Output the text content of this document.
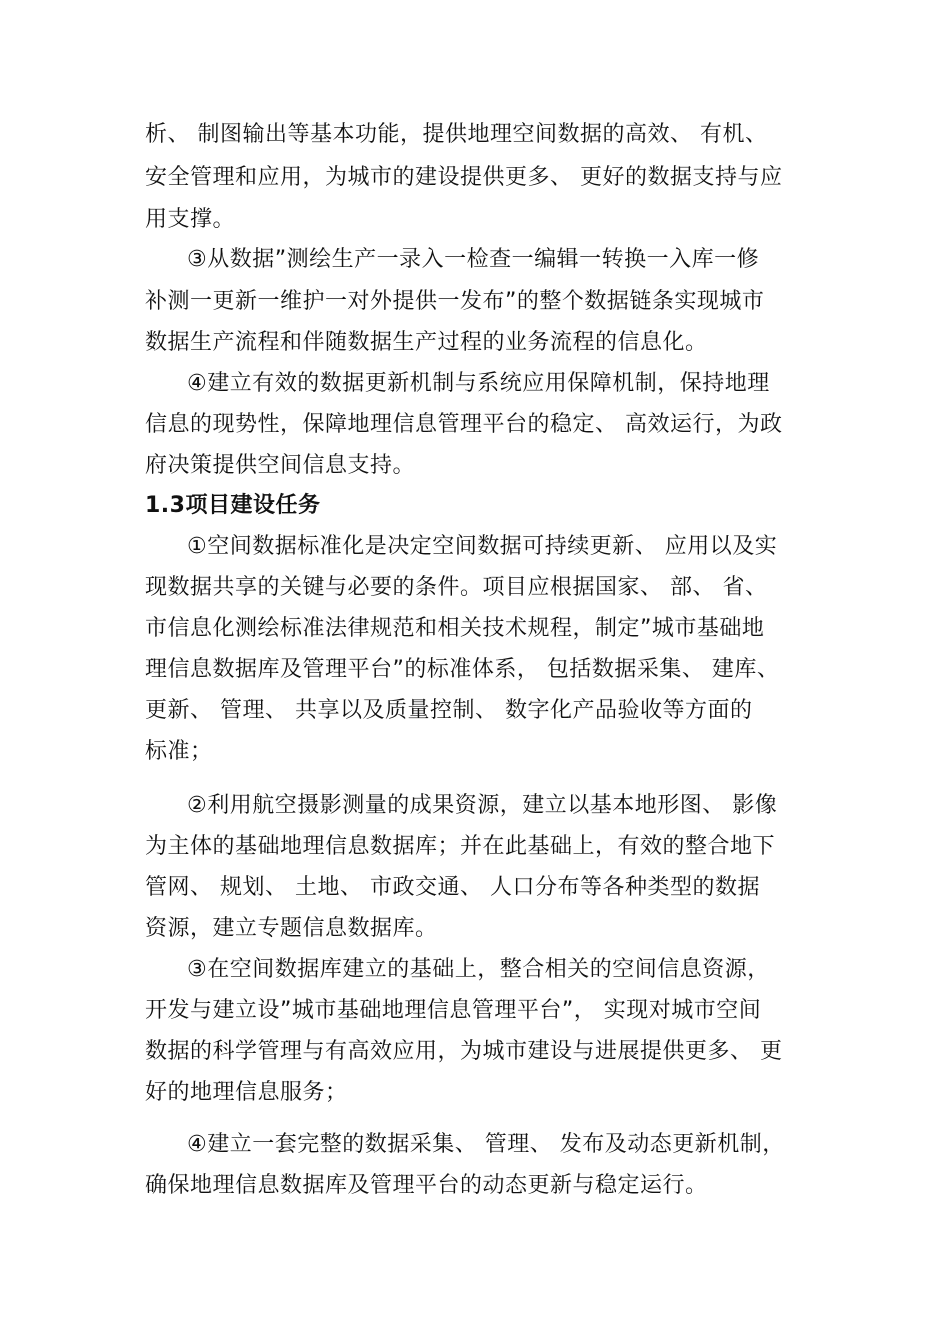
析、 制图输出等基本功能，提供地理空间数据的高效、 有机、
安全管理和应用，为城市的建设提供更多、 更好的数据支持与应
用支撑。
③从数据”测绘生产一录入一检查一编辑一转换一入库一修
补测一更新一维护一对外提供一发布”的整个数据链条实现城市
数据生产流程和伴随数据生产过程的业务流程的信息化。
④建立有效的数据更新机制与系统应用保障机制，保持地理
信息的现势性，保障地理信息管理平台的稳定、 高效运行，为政
府决策提供空间信息支持。
1.3项目建设任务
①空间数据标准化是决定空间数据可持续更新、 应用以及实
现数据共享的关键与必要的条件。项目应根据国家、 部、 省、
市信息化测绘标准法律规范和相关技术规程，制定”城市基础地
理信息数据库及管理平台”的标准体系， 包括数据采集、 建库、
更新、 管理、 共享以及质量控制、 数字化产品验收等方面的
标准；
②利用航空摄影测量的成果资源，建立以基本地形图、 影像
为主体的基础地理信息数据库；并在此基础上，有效的整合地下
管网、 规划、 土地、 市政交通、 人口分布等各种类型的数据
资源，建立专题信息数据库。
③在空间数据库建立的基础上，整合相关的空间信息资源，
开发与建立设”城市基础地理信息管理平台”， 实现对城市空间
数据的科学管理与有高效应用，为城市建设与进展提供更多、 更
好的地理信息服务；
④建立一套完整的数据采集、 管理、 发布及动态更新机制，
确保地理信息数据库及管理平台的动态更新与稳定运行。
